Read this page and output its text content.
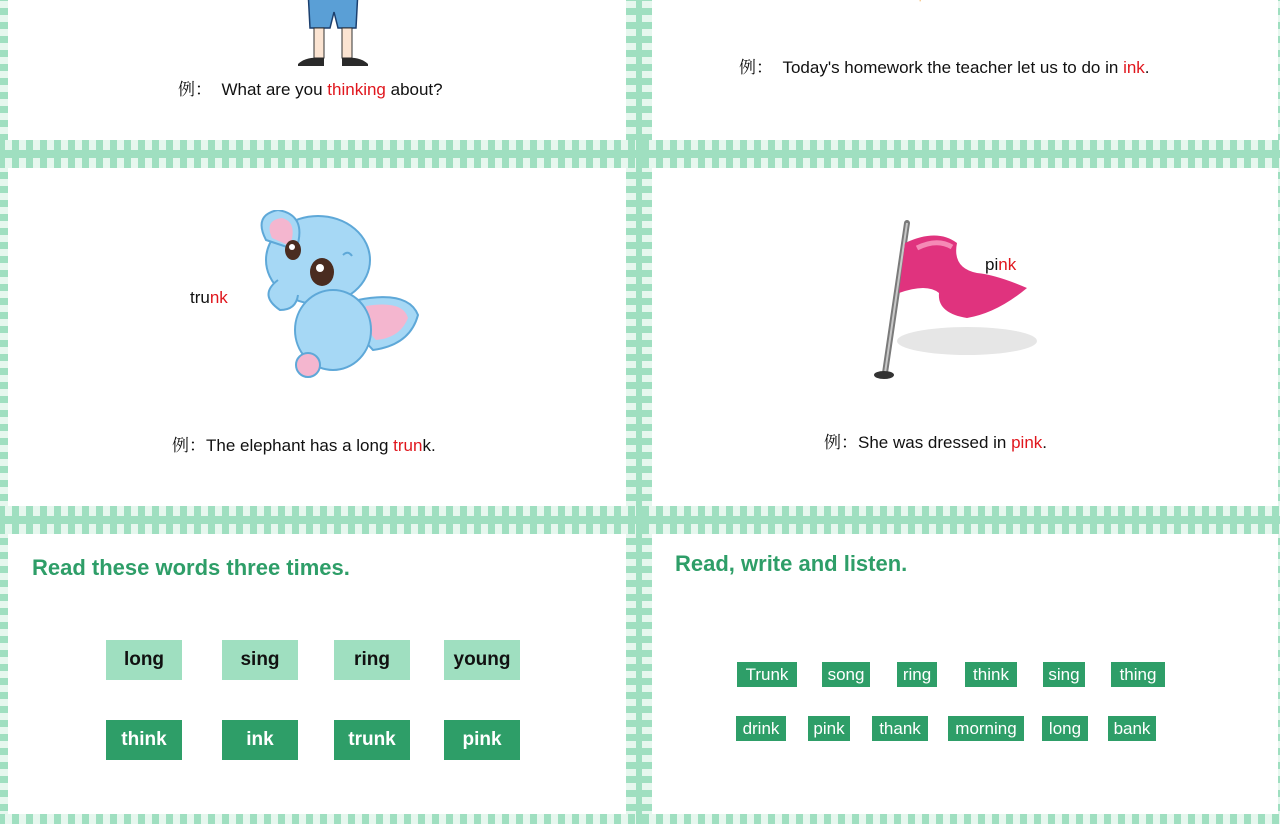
例： What are you thinking about?
例： Today's homework the teacher let us to do in ink.
trunk
例：The elephant has a long trunk.
pink
例：She was dressed in pink.
Read these words three times.
long	sing	ring	young
think	ink	trunk	pink
Read, write and listen.
Trunk	song	ring	think	sing	thing
drink	pink	thank	morning	long	bank
